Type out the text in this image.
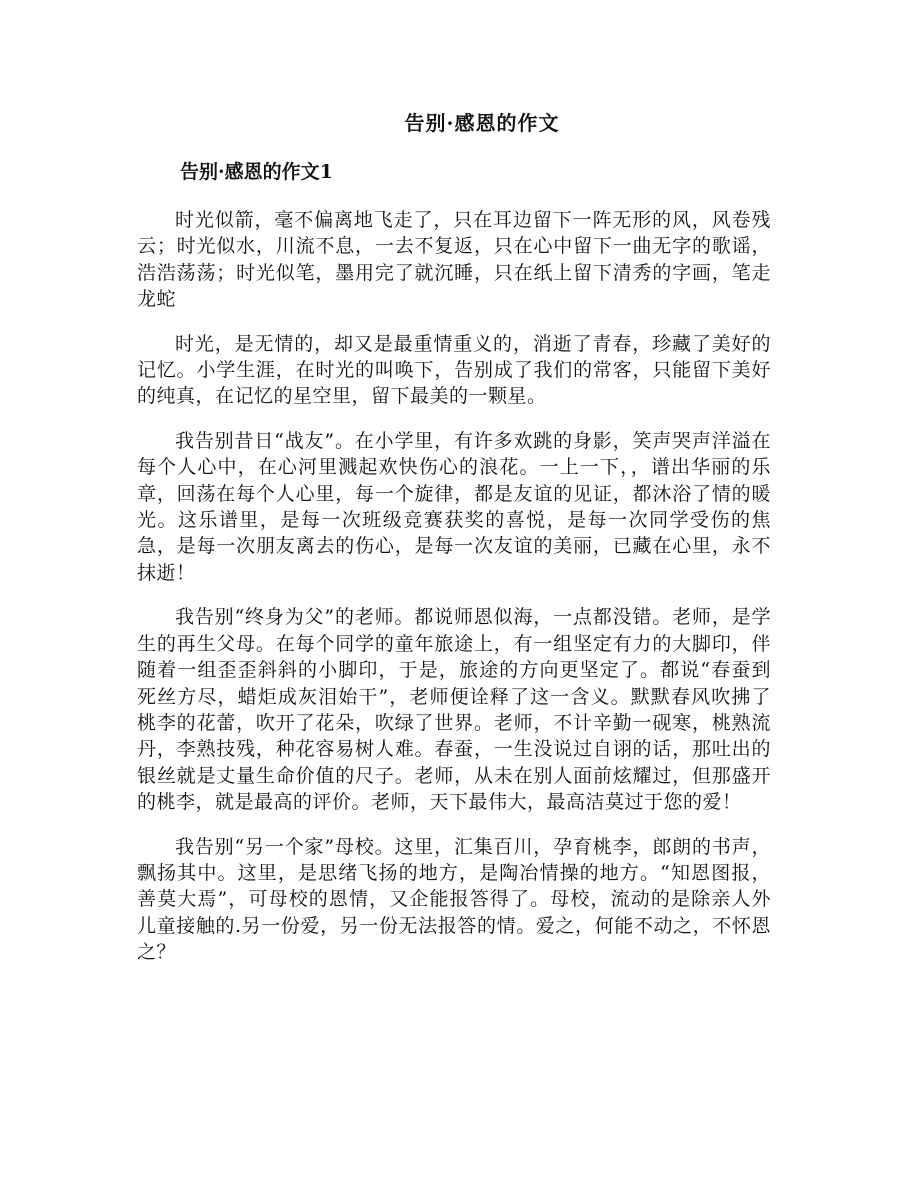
告别·感恩的作文
告别·感恩的作文1

时光似箭，毫不偏离地飞走了，只在耳边留下一阵无形的风，风卷残云；时光似水，川流不息，一去不复返，只在心中留下一曲无字的歌谣，浩浩荡荡；时光似笔，墨用完了就沉睡，只在纸上留下清秀的字画，笔走龙蛇

时光，是无情的，却又是最重情重义的，消逝了青春，珍藏了美好的记忆。小学生涯，在时光的叫唤下，告别成了我们的常客，只能留下美好的纯真，在记忆的星空里，留下最美的一颗星。

我告别昔日“战友”。在小学里，有许多欢跳的身影，笑声哭声洋溢在每个人心中，在心河里溅起欢快伤心的浪花。一上一下，，谱出华丽的乐章，回荡在每个人心里，每一个旋律，都是友谊的见证，都沐浴了情的暖光。这乐谱里，是每一次班级竞赛获奖的喜悦，是每一次同学受伤的焦急，是每一次朋友离去的伤心，是每一次友谊的美丽，已藏在心里，永不抹逝！

我告别“终身为父”的老师。都说师恩似海，一点都没错。老师，是学生的再生父母。在每个同学的童年旅途上，有一组坚定有力的大脚印，伴随着一组歪歪斜斜的小脚印，于是，旅途的方向更坚定了。都说“春蚕到死丝方尽，蜡炬成灰泪始干”，老师便诠释了这一含义。默默春风吹拂了桃李的花蕾，吹开了花朵，吹绿了世界。老师，不计辛勤一砚寒，桃熟流丹，李熟技残，种花容易树人难。春蚕，一生没说过自诩的话，那吐出的银丝就是丈量生命价值的尺子。老师，从未在别人面前炫耀过，但那盛开的桃李，就是最高的评价。老师，天下最伟大，最高洁莫过于您的爱！

我告别“另一个家”母校。这里，汇集百川，孕育桃李，郎朗的书声，飘扬其中。这里，是思绪飞扬的地方，是陶冶情操的地方。“知恩图报，善莫大焉”，可母校的恩情，又企能报答得了。母校，流动的是除亲人外儿童接触的.另一份爱，另一份无法报答的情。爱之，何能不动之，不怀恩之？
